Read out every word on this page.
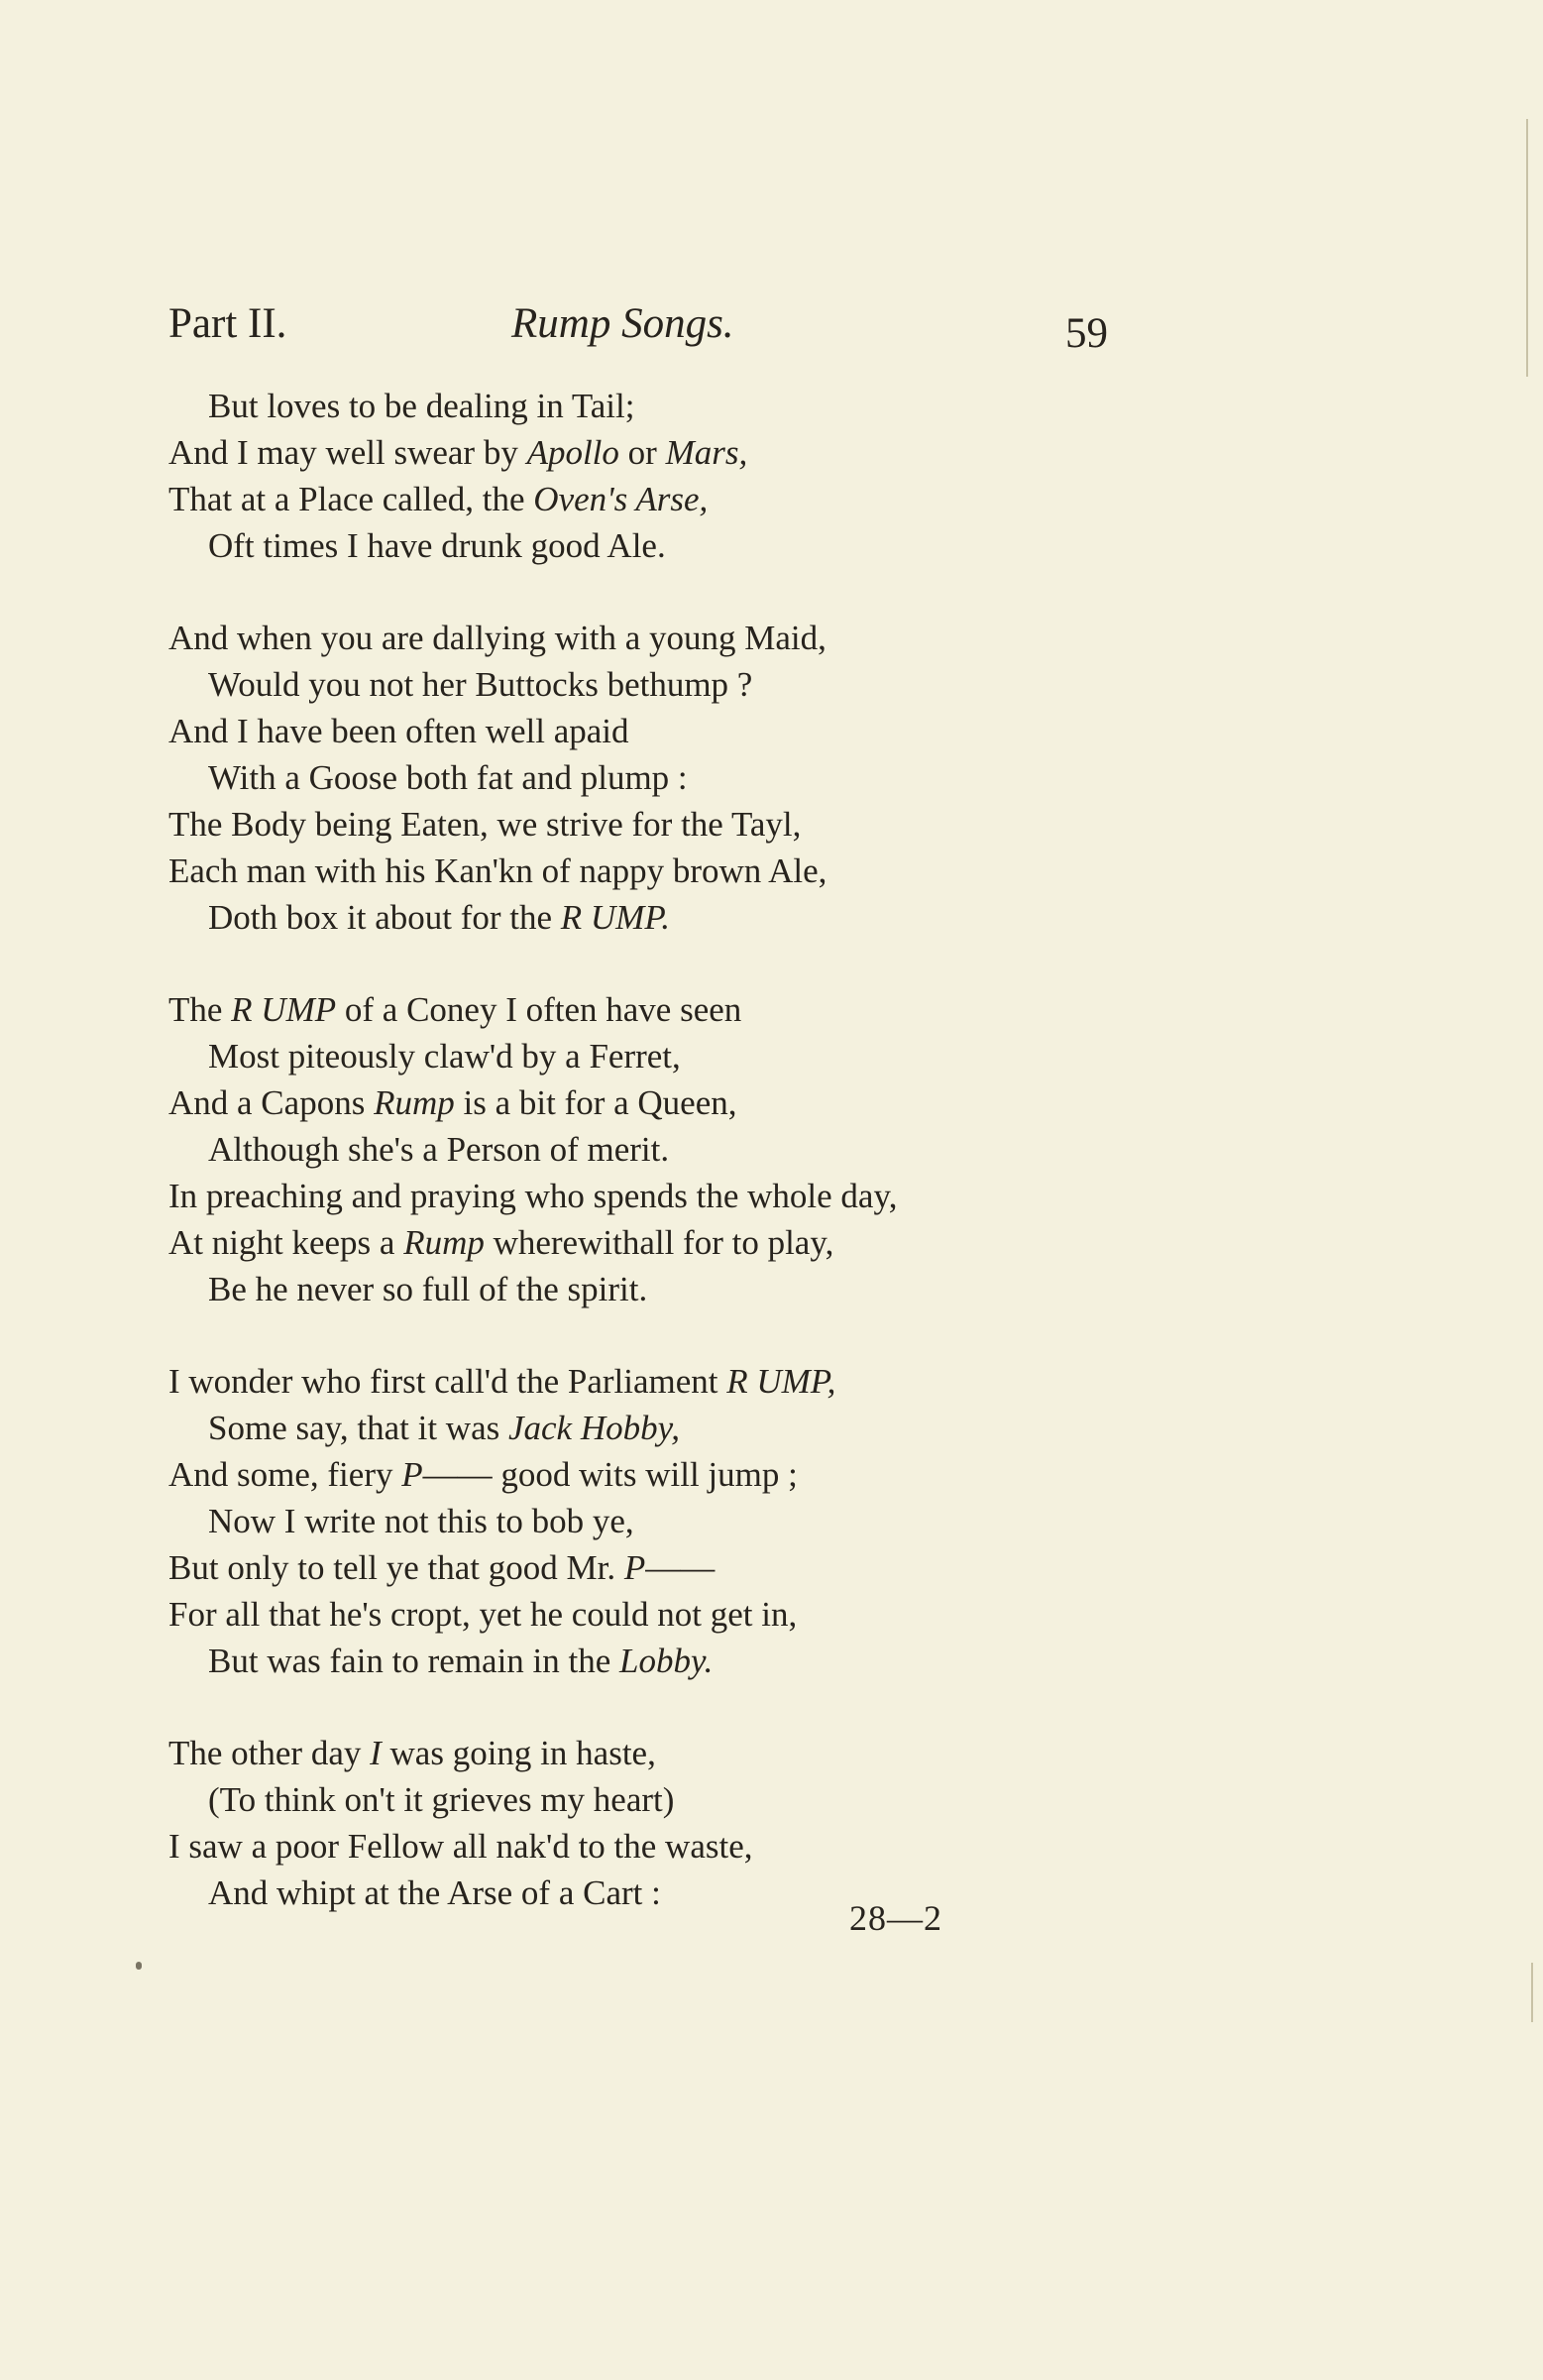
Part II.	Rump Songs.	59
But loves to be dealing in Tail;
And I may well swear by Apollo or Mars,
That at a Place called, the Oven's Arse,
Oft times I have drunk good Ale.
And when you are dallying with a young Maid,
Would you not her Buttocks bethump ?
And I have been often well apaid
With a Goose both fat and plump :
The Body being Eaten, we strive for the Tayl,
Each man with his Kan'kn of nappy brown Ale,
Doth box it about for the R UMP.
The R UMP of a Coney I often have seen
Most piteously claw'd by a Ferret,
And a Capons Rump is a bit for a Queen,
Although she's a Person of merit.
In preaching and praying who spends the whole day,
At night keeps a Rump wherewithall for to play,
Be he never so full of the spirit.
I wonder who first call'd the Parliament R UMP,
Some say, that it was Jack Hobby,
And some, fiery P—— good wits will jump ;
Now I write not this to bob ye,
But only to tell ye that good Mr. P——
For all that he's cropt, yet he could not get in,
But was fain to remain in the Lobby.
The other day I was going in haste,
(To think on't it grieves my heart)
I saw a poor Fellow all nak'd to the waste,
And whipt at the Arse of a Cart :
28—2
